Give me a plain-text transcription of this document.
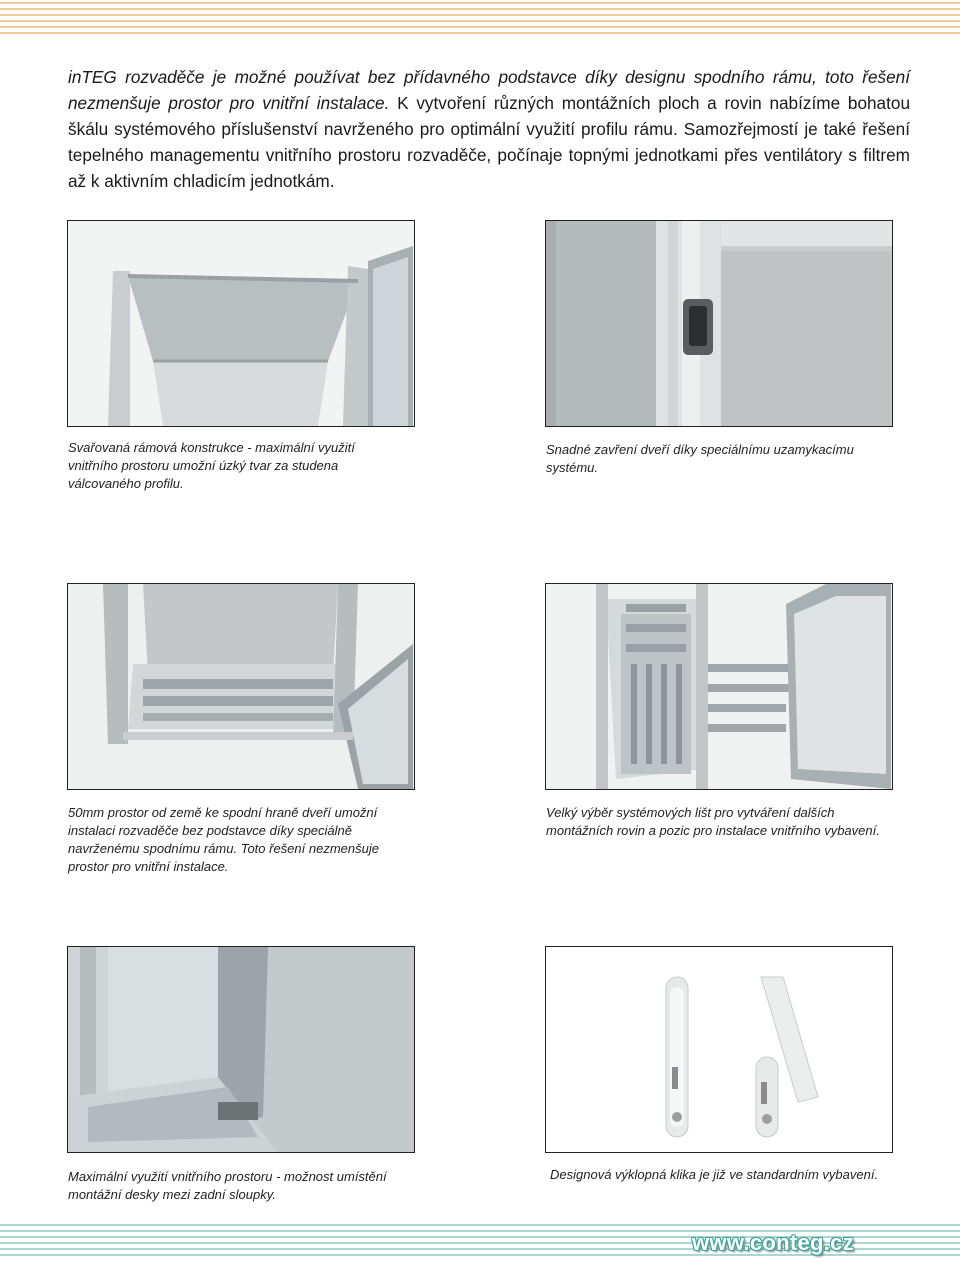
inTEG rozvaděče je možné používat bez přídavného podstavce díky designu spodního rámu, toto řešení nezmenšuje prostor pro vnitřní instalace. K vytvoření různých montážních ploch a rovin nabízíme bohatou škálu systémového příslušenství navrženého pro optimální využití profilu rámu. Samozřejmostí je také řešení tepelného managementu vnitřního prostoru rozvaděče, počínaje topnými jednotkami přes ventilátory s filtrem až k aktivním chladicím jednotkám.

Svařovaná rámová konstrukce - maximální využití vnitřního prostoru umožní úzký tvar za studena válcovaného profilu.
Snadné zavření dveří díky speciálnímu uzamykacímu systému.
50mm prostor od země ke spodní hraně dveří umožní instalaci rozvaděče bez podstavce díky speciálně navrženému spodnímu rámu. Toto řešení nezmenšuje prostor pro vnitřní instalace.
Velký výběr systémových lišt pro vytváření dalších montážních rovin a pozic pro instalace vnitřního vybavení.
Maximální využití vnitřního prostoru - možnost umístění montážní desky mezi zadní sloupky.
Designová výklopná klika je již ve standardním vybavení.
www.conteg.cz
